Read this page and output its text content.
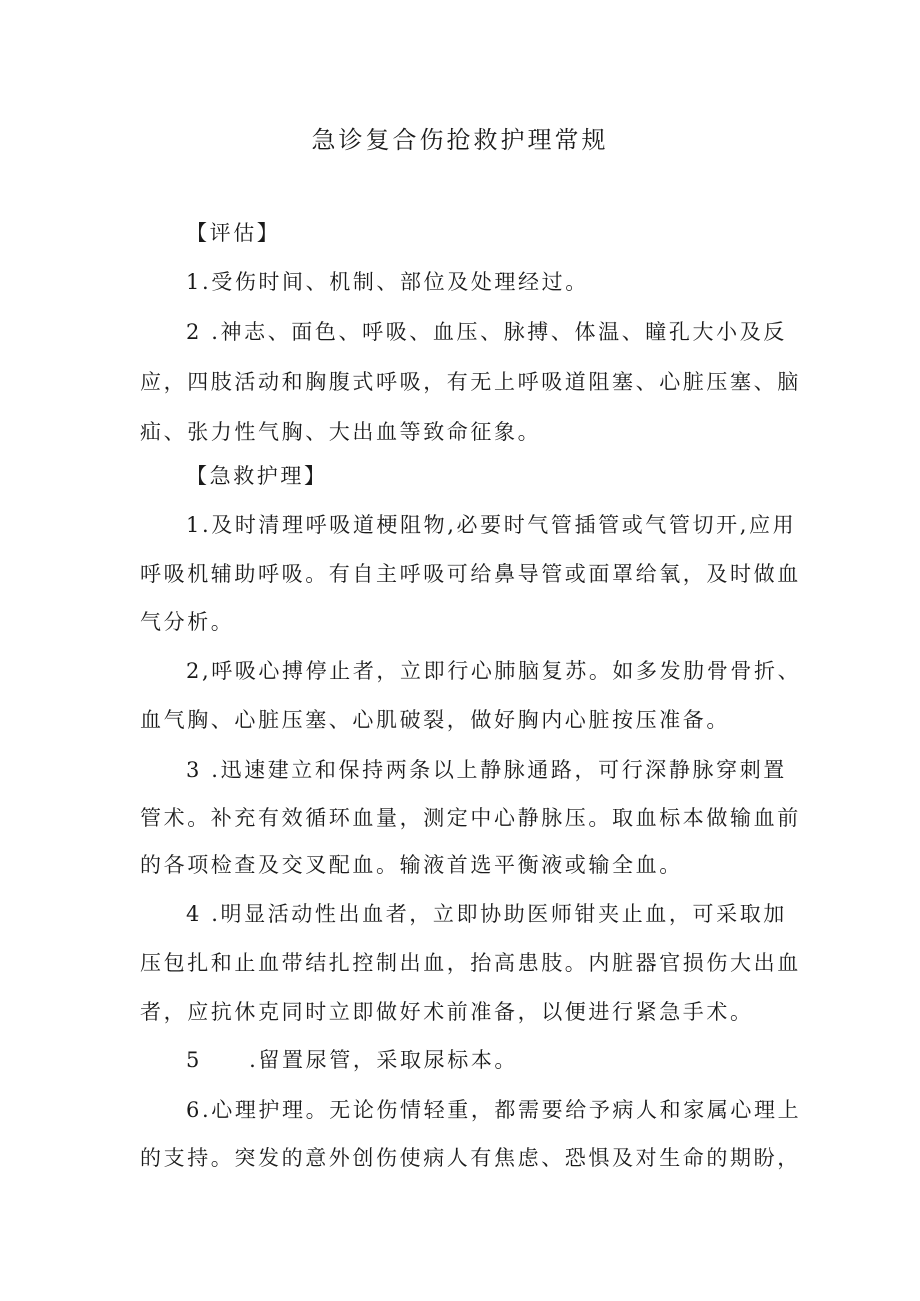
急诊复合伤抢救护理常规
【评估】
1.受伤时间、机制、部位及处理经过。
2 .神志、面色、呼吸、血压、脉搏、体温、瞳孔大小及反
应，四肢活动和胸腹式呼吸，有无上呼吸道阻塞、心脏压塞、脑
疝、张力性气胸、大出血等致命征象。
【急救护理】
1.及时清理呼吸道梗阻物,必要时气管插管或气管切开,应用
呼吸机辅助呼吸。有自主呼吸可给鼻导管或面罩给氧，及时做血
气分析。
2,呼吸心搏停止者，立即行心肺脑复苏。如多发肋骨骨折、
血气胸、心脏压塞、心肌破裂，做好胸内心脏按压准备。
3 .迅速建立和保持两条以上静脉通路，可行深静脉穿刺置
管术。补充有效循环血量，测定中心静脉压。取血标本做输血前
的各项检查及交叉配血。输液首选平衡液或输全血。
4 .明显活动性出血者，立即协助医师钳夹止血，可采取加
压包扎和止血带结扎控制出血，抬高患肢。内脏器官损伤大出血
者，应抗休克同时立即做好术前准备，以便进行紧急手术。
5　　.留置尿管，采取尿标本。
6.心理护理。无论伤情轻重，都需要给予病人和家属心理上
的支持。突发的意外创伤使病人有焦虑、恐惧及对生命的期盼，
